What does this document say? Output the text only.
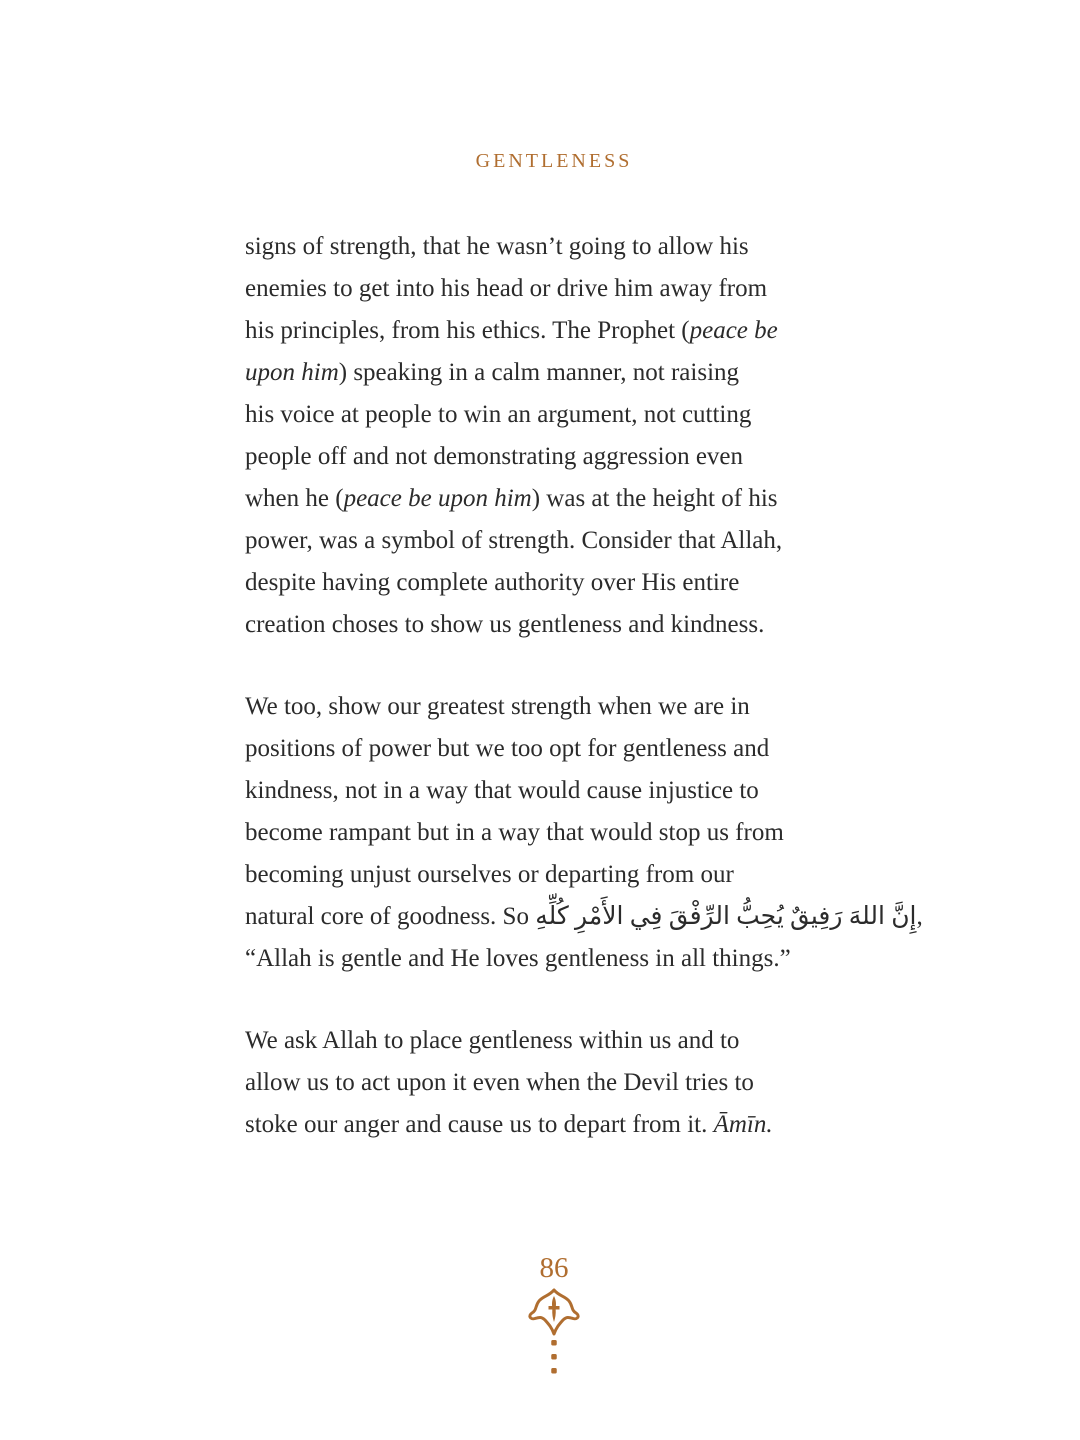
GENTLENESS
signs of strength, that he wasn’t going to allow his
enemies to get into his head or drive him away from
his principles, from his ethics. The Prophet (peace be
upon him) speaking in a calm manner, not raising
his voice at people to win an argument, not cutting
people off and not demonstrating aggression even
when he (peace be upon him) was at the height of his
power, was a symbol of strength. Consider that Allah,
despite having complete authority over His entire
creation choses to show us gentleness and kindness.
We too, show our greatest strength when we are in
positions of power but we too opt for gentleness and
kindness, not in a way that would cause injustice to
become rampant but in a way that would stop us from
becoming unjust ourselves or departing from our
natural core of goodness. So إِنَّ اللهَ رَفِيقٌ يُحِبُّ الرِّفْقَ فِي الأَمْرِ كُلِّهِ,
“Allah is gentle and He loves gentleness in all things.”
We ask Allah to place gentleness within us and to
allow us to act upon it even when the Devil tries to
stoke our anger and cause us to depart from it. Āmīn.
86
